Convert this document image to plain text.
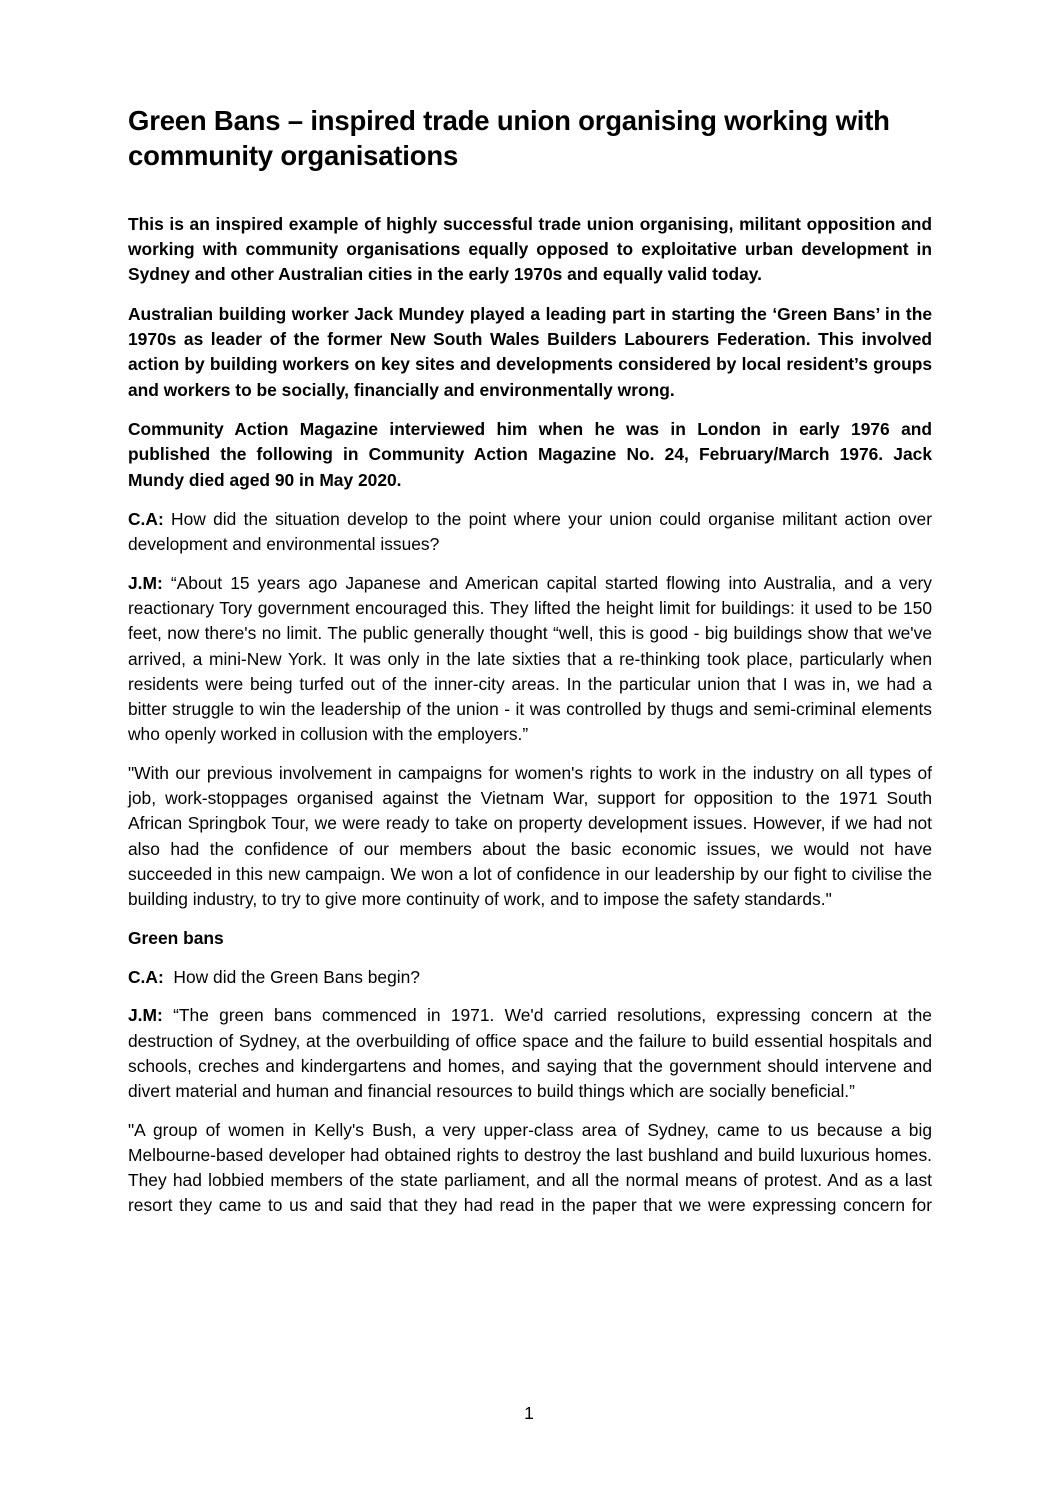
Green Bans – inspired trade union organising working with community organisations

This is an inspired example of highly successful trade union organising, militant opposition and working with community organisations equally opposed to exploitative urban development in Sydney and other Australian cities in the early 1970s and equally valid today.

Australian building worker Jack Mundey played a leading part in starting the ‘Green Bans’ in the 1970s as leader of the former New South Wales Builders Labourers Federation. This involved action by building workers on key sites and developments considered by local resident’s groups and workers to be socially, financially and environmentally wrong.

Community Action Magazine interviewed him when he was in London in early 1976 and published the following in Community Action Magazine No. 24, February/March 1976. Jack Mundy died aged 90 in May 2020.

C.A: How did the situation develop to the point where your union could organise militant action over development and environmental issues?

J.M: “About 15 years ago Japanese and American capital started flowing into Australia, and a very reactionary Tory government encouraged this. They lifted the height limit for buildings: it used to be 150 feet, now there's no limit. The public generally thought “well, this is good - big buildings show that we've arrived, a mini-New York. It was only in the late sixties that a re-thinking took place, particularly when residents were being turfed out of the inner-city areas. In the particular union that I was in, we had a bitter struggle to win the leadership of the union - it was controlled by thugs and semi-criminal elements who openly worked in collusion with the employers.”

"With our previous involvement in campaigns for women's rights to work in the industry on all types of job, work-stoppages organised against the Vietnam War, support for opposition to the 1971 South African Springbok Tour, we were ready to take on property development issues. However, if we had not also had the confidence of our members about the basic economic issues, we would not have succeeded in this new campaign. We won a lot of confidence in our leadership by our fight to civilise the building industry, to try to give more continuity of work, and to impose the safety standards."

Green bans

C.A: How did the Green Bans begin?

J.M: “The green bans commenced in 1971. We'd carried resolutions, expressing concern at the destruction of Sydney, at the overbuilding of office space and the failure to build essential hospitals and schools, creches and kindergartens and homes, and saying that the government should intervene and divert material and human and financial resources to build things which are socially beneficial.”

"A group of women in Kelly's Bush, a very upper-class area of Sydney, came to us because a big Melbourne-based developer had obtained rights to destroy the last bushland and build luxurious homes. They had lobbied members of the state parliament, and all the normal means of protest. And as a last resort they came to us and said that they had read in the paper that we were expressing concern for

1
